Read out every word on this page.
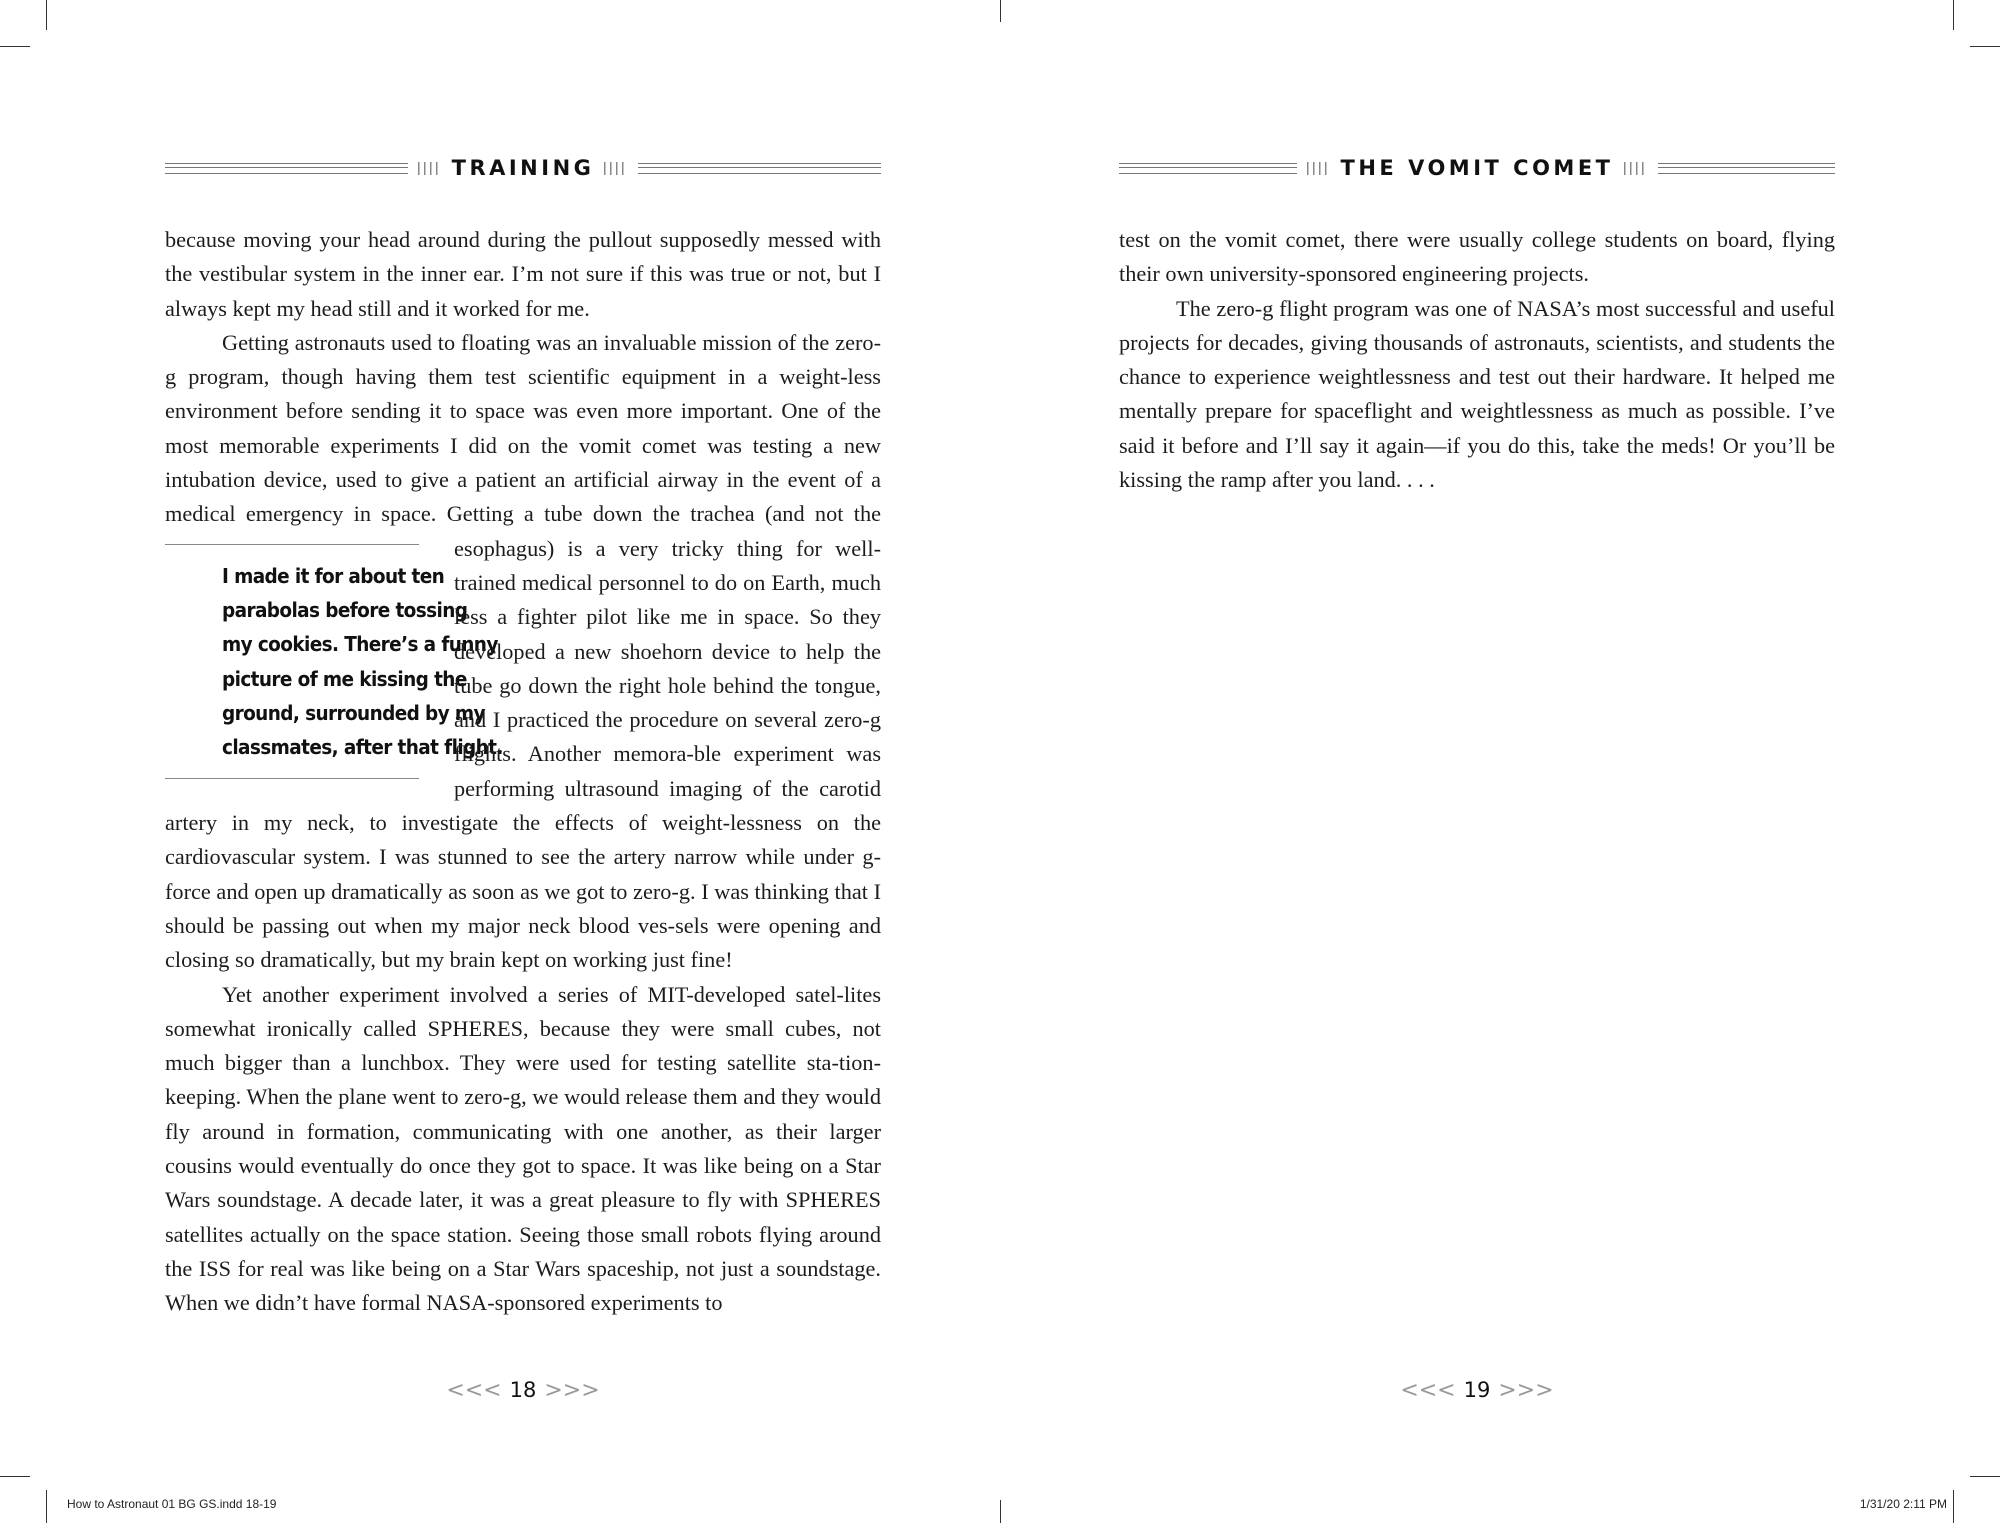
TRAINING

because moving your head around during the pullout supposedly messed with the vestibular system in the inner ear. I’m not sure if this was true or not, but I always kept my head still and it worked for me.

Getting astronauts used to floating was an invaluable mission of the zero-g program, though having them test scientific equipment in a weight-less environment before sending it to space was even more important. One of the most memorable experiments I did on the vomit comet was testing a new intubation device, used to give a patient an artificial airway in the event of a medical emergency in space. Getting a tube down the trachea (and not
I made it for about ten
parabolas before tossing
my cookies. There’s a funny
picture of me kissing the
ground, surrounded by my
classmates, after that flight.
the esophagus) is a very tricky thing for well-trained medical personnel to do on Earth, much less a fighter pilot like me in space. So they developed a new shoehorn device to help the tube go down the right hole behind the tongue, and I practiced the procedure on several zero-g flights. Another memora-ble experiment was performing ultrasound imaging of the carotid artery in my neck, to investigate the effects of weight-lessness on the cardiovascular system. I was stunned to see the artery narrow while under g-force and open up dramatically as soon as we got to zero-g. I was thinking that I should be passing out when my major neck blood ves-sels were opening and closing so dramatically, but my brain kept on working just fine!

Yet another experiment involved a series of MIT-developed satel-lites somewhat ironically called SPHERES, because they were small cubes, not much bigger than a lunchbox. They were used for testing satellite sta-tion-keeping. When the plane went to zero-g, we would release them and they would fly around in formation, communicating with one another, as their larger cousins would eventually do once they got to space. It was like being on a Star Wars soundstage. A decade later, it was a great pleasure to fly with SPHERES satellites actually on the space station. Seeing those small robots flying around the ISS for real was like being on a Star Wars spaceship, not just a soundstage. When we didn’t have formal NASA-sponsored experiments to

<<< 18 >>>
How to Astronaut 01 BG GS.indd 18-19
THE VOMIT COMET

test on the vomit comet, there were usually college students on board, flying their own university-sponsored engineering projects.

The zero-g flight program was one of NASA’s most successful and useful projects for decades, giving thousands of astronauts, scientists, and students the chance to experience weightlessness and test out their hardware. It helped me mentally prepare for spaceflight and weightlessness as much as possible. I’ve said it before and I’ll say it again—if you do this, take the meds! Or you’ll be kissing the ramp after you land. . . .

<<< 19 >>>
1/31/20 2:11 PM
